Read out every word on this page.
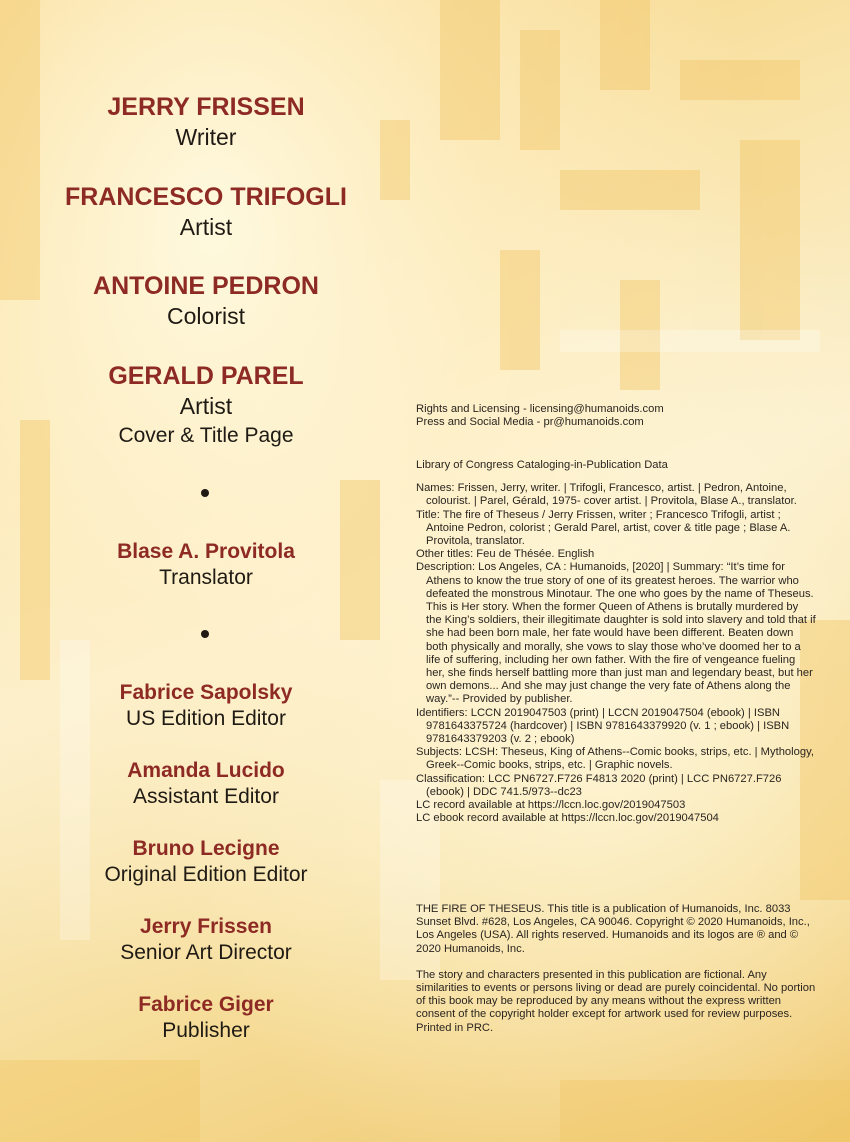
JERRY FRISSEN
Writer
FRANCESCO TRIFOGLI
Artist
ANTOINE PEDRON
Colorist
GERALD PAREL
Artist
Cover & Title Page
Blase A. Provitola
Translator
Fabrice Sapolsky
US Edition Editor
Amanda Lucido
Assistant Editor
Bruno Lecigne
Original Edition Editor
Jerry Frissen
Senior Art Director
Fabrice Giger
Publisher

Rights and Licensing - licensing@humanoids.com

Press and Social Media - pr@humanoids.com

Library of Congress Cataloging-in-Publication Data

Names: Frissen, Jerry, writer. | Trifogli, Francesco, artist. | Pedron, Antoine, colourist. | Parel, Gérald, 1975- cover artist. | Provitola, Blase A., translator.

Title: The fire of Theseus / Jerry Frissen, writer ; Francesco Trifogli, artist ; Antoine Pedron, colorist ; Gerald Parel, artist, cover & title page ; Blase A. Provitola, translator.

Other titles: Feu de Thésée. English

Description: Los Angeles, CA : Humanoids, [2020] | Summary: “It’s time for Athens to know the true story of one of its greatest heroes. The warrior who defeated the monstrous Minotaur. The one who goes by the name of Theseus. This is Her story. When the former Queen of Athens is brutally murdered by the King’s soldiers, their illegitimate daughter is sold into slavery and told that if she had been born male, her fate would have been different. Beaten down both physically and morally, she vows to slay those who’ve doomed her to a life of suffering, including her own father. With the fire of vengeance fueling her, she finds herself battling more than just man and legendary beast, but her own demons... And she may just change the very fate of Athens along the way.”-- Provided by publisher.

Identifiers: LCCN 2019047503 (print) | LCCN 2019047504 (ebook) | ISBN 9781643375724 (hardcover) | ISBN 9781643379920 (v. 1 ; ebook) | ISBN 9781643379203 (v. 2 ; ebook)

Subjects: LCSH: Theseus, King of Athens--Comic books, strips, etc. | Mythology, Greek--Comic books, strips, etc. | Graphic novels.

Classification: LCC PN6727.F726 F4813 2020 (print) | LCC PN6727.F726 (ebook) | DDC 741.5/973--dc23

LC record available at https://lccn.loc.gov/2019047503

LC ebook record available at https://lccn.loc.gov/2019047504

THE FIRE OF THESEUS. This title is a publication of Humanoids, Inc. 8033 Sunset Blvd. #628, Los Angeles, CA 90046. Copyright © 2020 Humanoids, Inc., Los Angeles (USA). All rights reserved. Humanoids and its logos are ® and © 2020 Humanoids, Inc.

The story and characters presented in this publication are fictional. Any similarities to events or persons living or dead are purely coincidental. No portion of this book may be reproduced by any means without the express written consent of the copyright holder except for artwork used for review purposes. Printed in PRC.
